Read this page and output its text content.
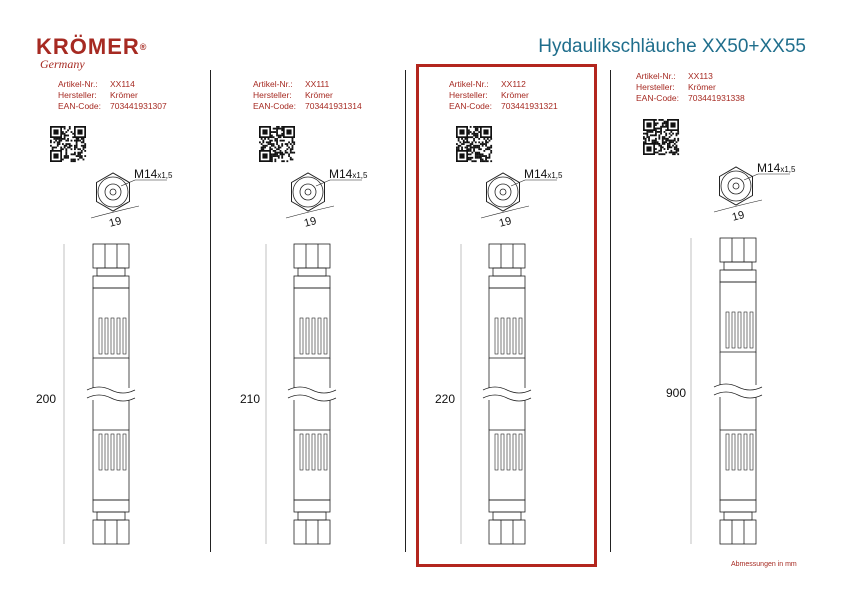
KRÖMER®
Germany
Hydaulikschläuche XX50+XX55
Artikel-Nr.:	XX114
Hersteller:	Krömer
EAN-Code:	703441931307
Artikel-Nr.:	XX111
Hersteller:	Krömer
EAN-Code:	703441931314
Artikel-Nr.:	XX112
Hersteller:	Krömer
EAN-Code:	703441931321
Artikel-Nr.:	XX113
Hersteller:	Krömer
EAN-Code:	703441931338
200	210	220	900
Abmessungen in mm
M14x1,5
19
M14x1,5
19
M14x1,5
19
M14x1,5
19
